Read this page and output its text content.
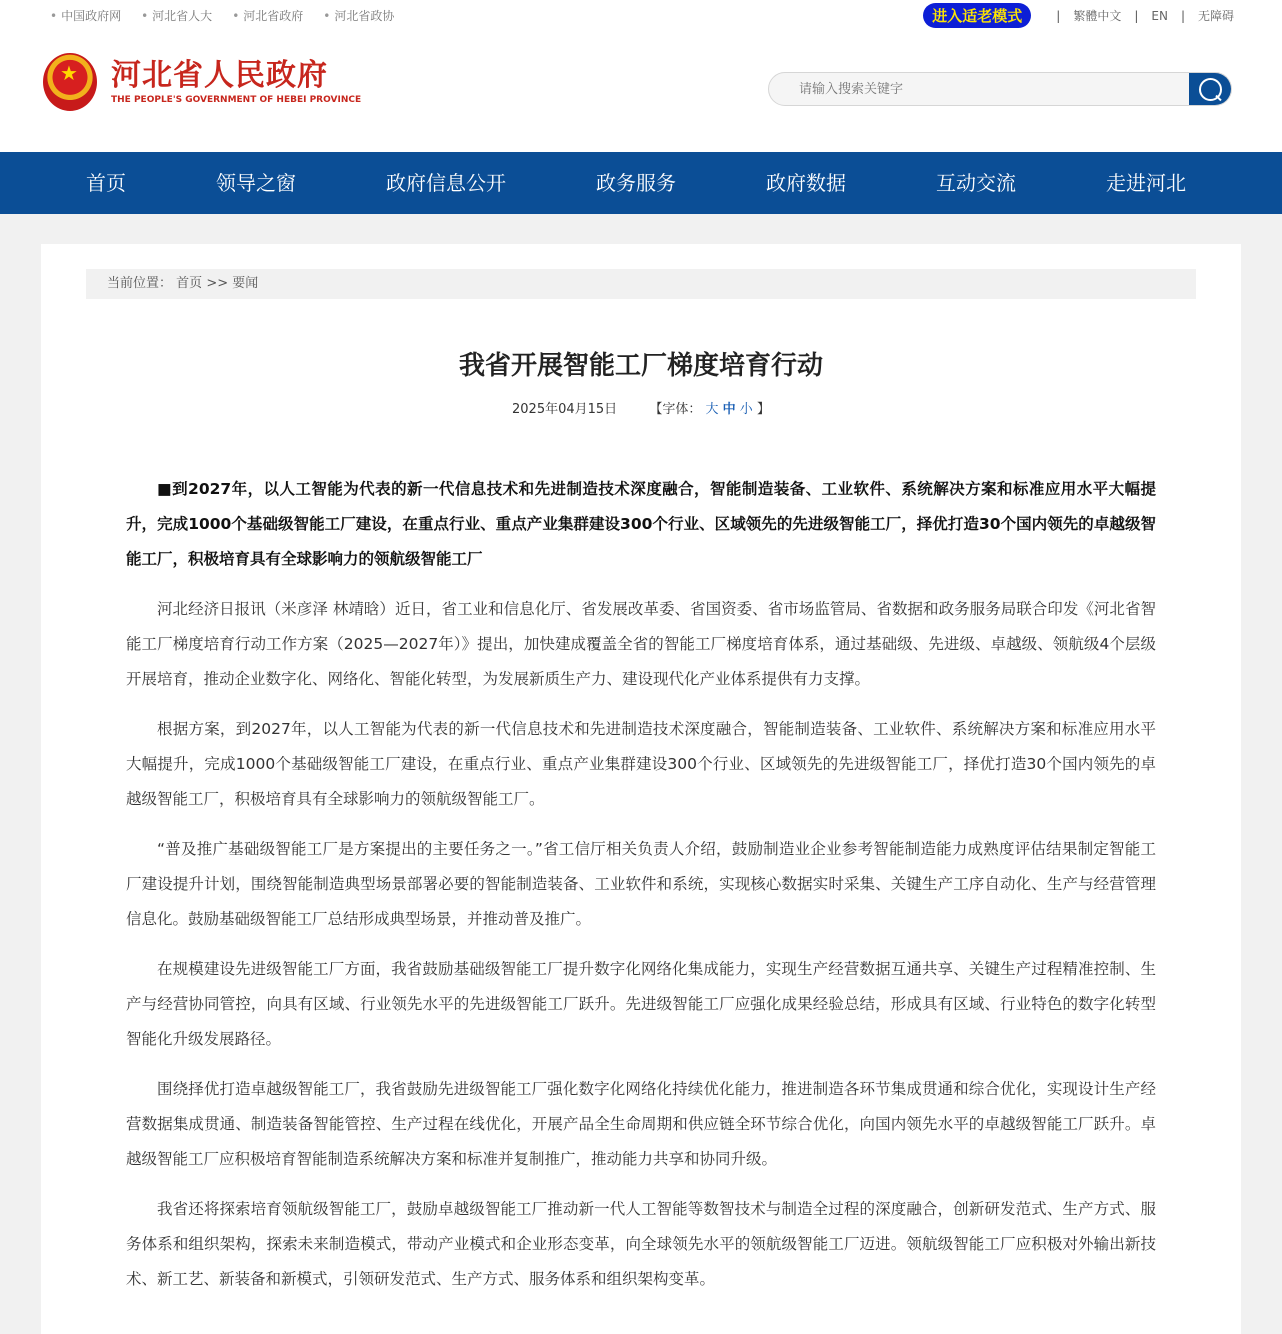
• 中国政府网	• 河北省人大	• 河北省政府	• 河北省政协	进入适老模式	| 繁體中文 | EN | 无障碍
★
河北省人民政府
THE PEOPLE'S GOVERNMENT OF HEBEI PROVINCE
请输入搜索关键字
首页	领导之窗	政府信息公开	政务服务	政府数据	互动交流	走进河北
当前位置： 首页 >> 要闻
我省开展智能工厂梯度培育行动
2025年04月15日 【字体： 大 中 小 】

■到2027年，以人工智能为代表的新一代信息技术和先进制造技术深度融合，智能制造装备、工业软件、系统解决方案和标准应用水平大幅提升，完成1000个基础级智能工厂建设，在重点行业、重点产业集群建设300个行业、区域领先的先进级智能工厂，择优打造30个国内领先的卓越级智能工厂，积极培育具有全球影响力的领航级智能工厂

河北经济日报讯（米彦泽 林靖晗）近日，省工业和信息化厅、省发展改革委、省国资委、省市场监管局、省数据和政务服务局联合印发《河北省智能工厂梯度培育行动工作方案（2025—2027年）》提出，加快建成覆盖全省的智能工厂梯度培育体系，通过基础级、先进级、卓越级、领航级4个层级开展培育，推动企业数字化、网络化、智能化转型，为发展新质生产力、建设现代化产业体系提供有力支撑。

根据方案，到2027年，以人工智能为代表的新一代信息技术和先进制造技术深度融合，智能制造装备、工业软件、系统解决方案和标准应用水平大幅提升，完成1000个基础级智能工厂建设，在重点行业、重点产业集群建设300个行业、区域领先的先进级智能工厂，择优打造30个国内领先的卓越级智能工厂，积极培育具有全球影响力的领航级智能工厂。

“普及推广基础级智能工厂是方案提出的主要任务之一。”省工信厅相关负责人介绍，鼓励制造业企业参考智能制造能力成熟度评估结果制定智能工厂建设提升计划，围绕智能制造典型场景部署必要的智能制造装备、工业软件和系统，实现核心数据实时采集、关键生产工序自动化、生产与经营管理信息化。鼓励基础级智能工厂总结形成典型场景，并推动普及推广。

在规模建设先进级智能工厂方面，我省鼓励基础级智能工厂提升数字化网络化集成能力，实现生产经营数据互通共享、关键生产过程精准控制、生产与经营协同管控，向具有区域、行业领先水平的先进级智能工厂跃升。先进级智能工厂应强化成果经验总结，形成具有区域、行业特色的数字化转型智能化升级发展路径。

围绕择优打造卓越级智能工厂，我省鼓励先进级智能工厂强化数字化网络化持续优化能力，推进制造各环节集成贯通和综合优化，实现设计生产经营数据集成贯通、制造装备智能管控、生产过程在线优化，开展产品全生命周期和供应链全环节综合优化，向国内领先水平的卓越级智能工厂跃升。卓越级智能工厂应积极培育智能制造系统解决方案和标准并复制推广，推动能力共享和协同升级。

我省还将探索培育领航级智能工厂，鼓励卓越级智能工厂推动新一代人工智能等数智技术与制造全过程的深度融合，创新研发范式、生产方式、服务体系和组织架构，探索未来制造模式，带动产业模式和企业形态变革，向全球领先水平的领航级智能工厂迈进。领航级智能工厂应积极对外输出新技术、新工艺、新装备和新模式，引领研发范式、生产方式、服务体系和组织架构变革。
